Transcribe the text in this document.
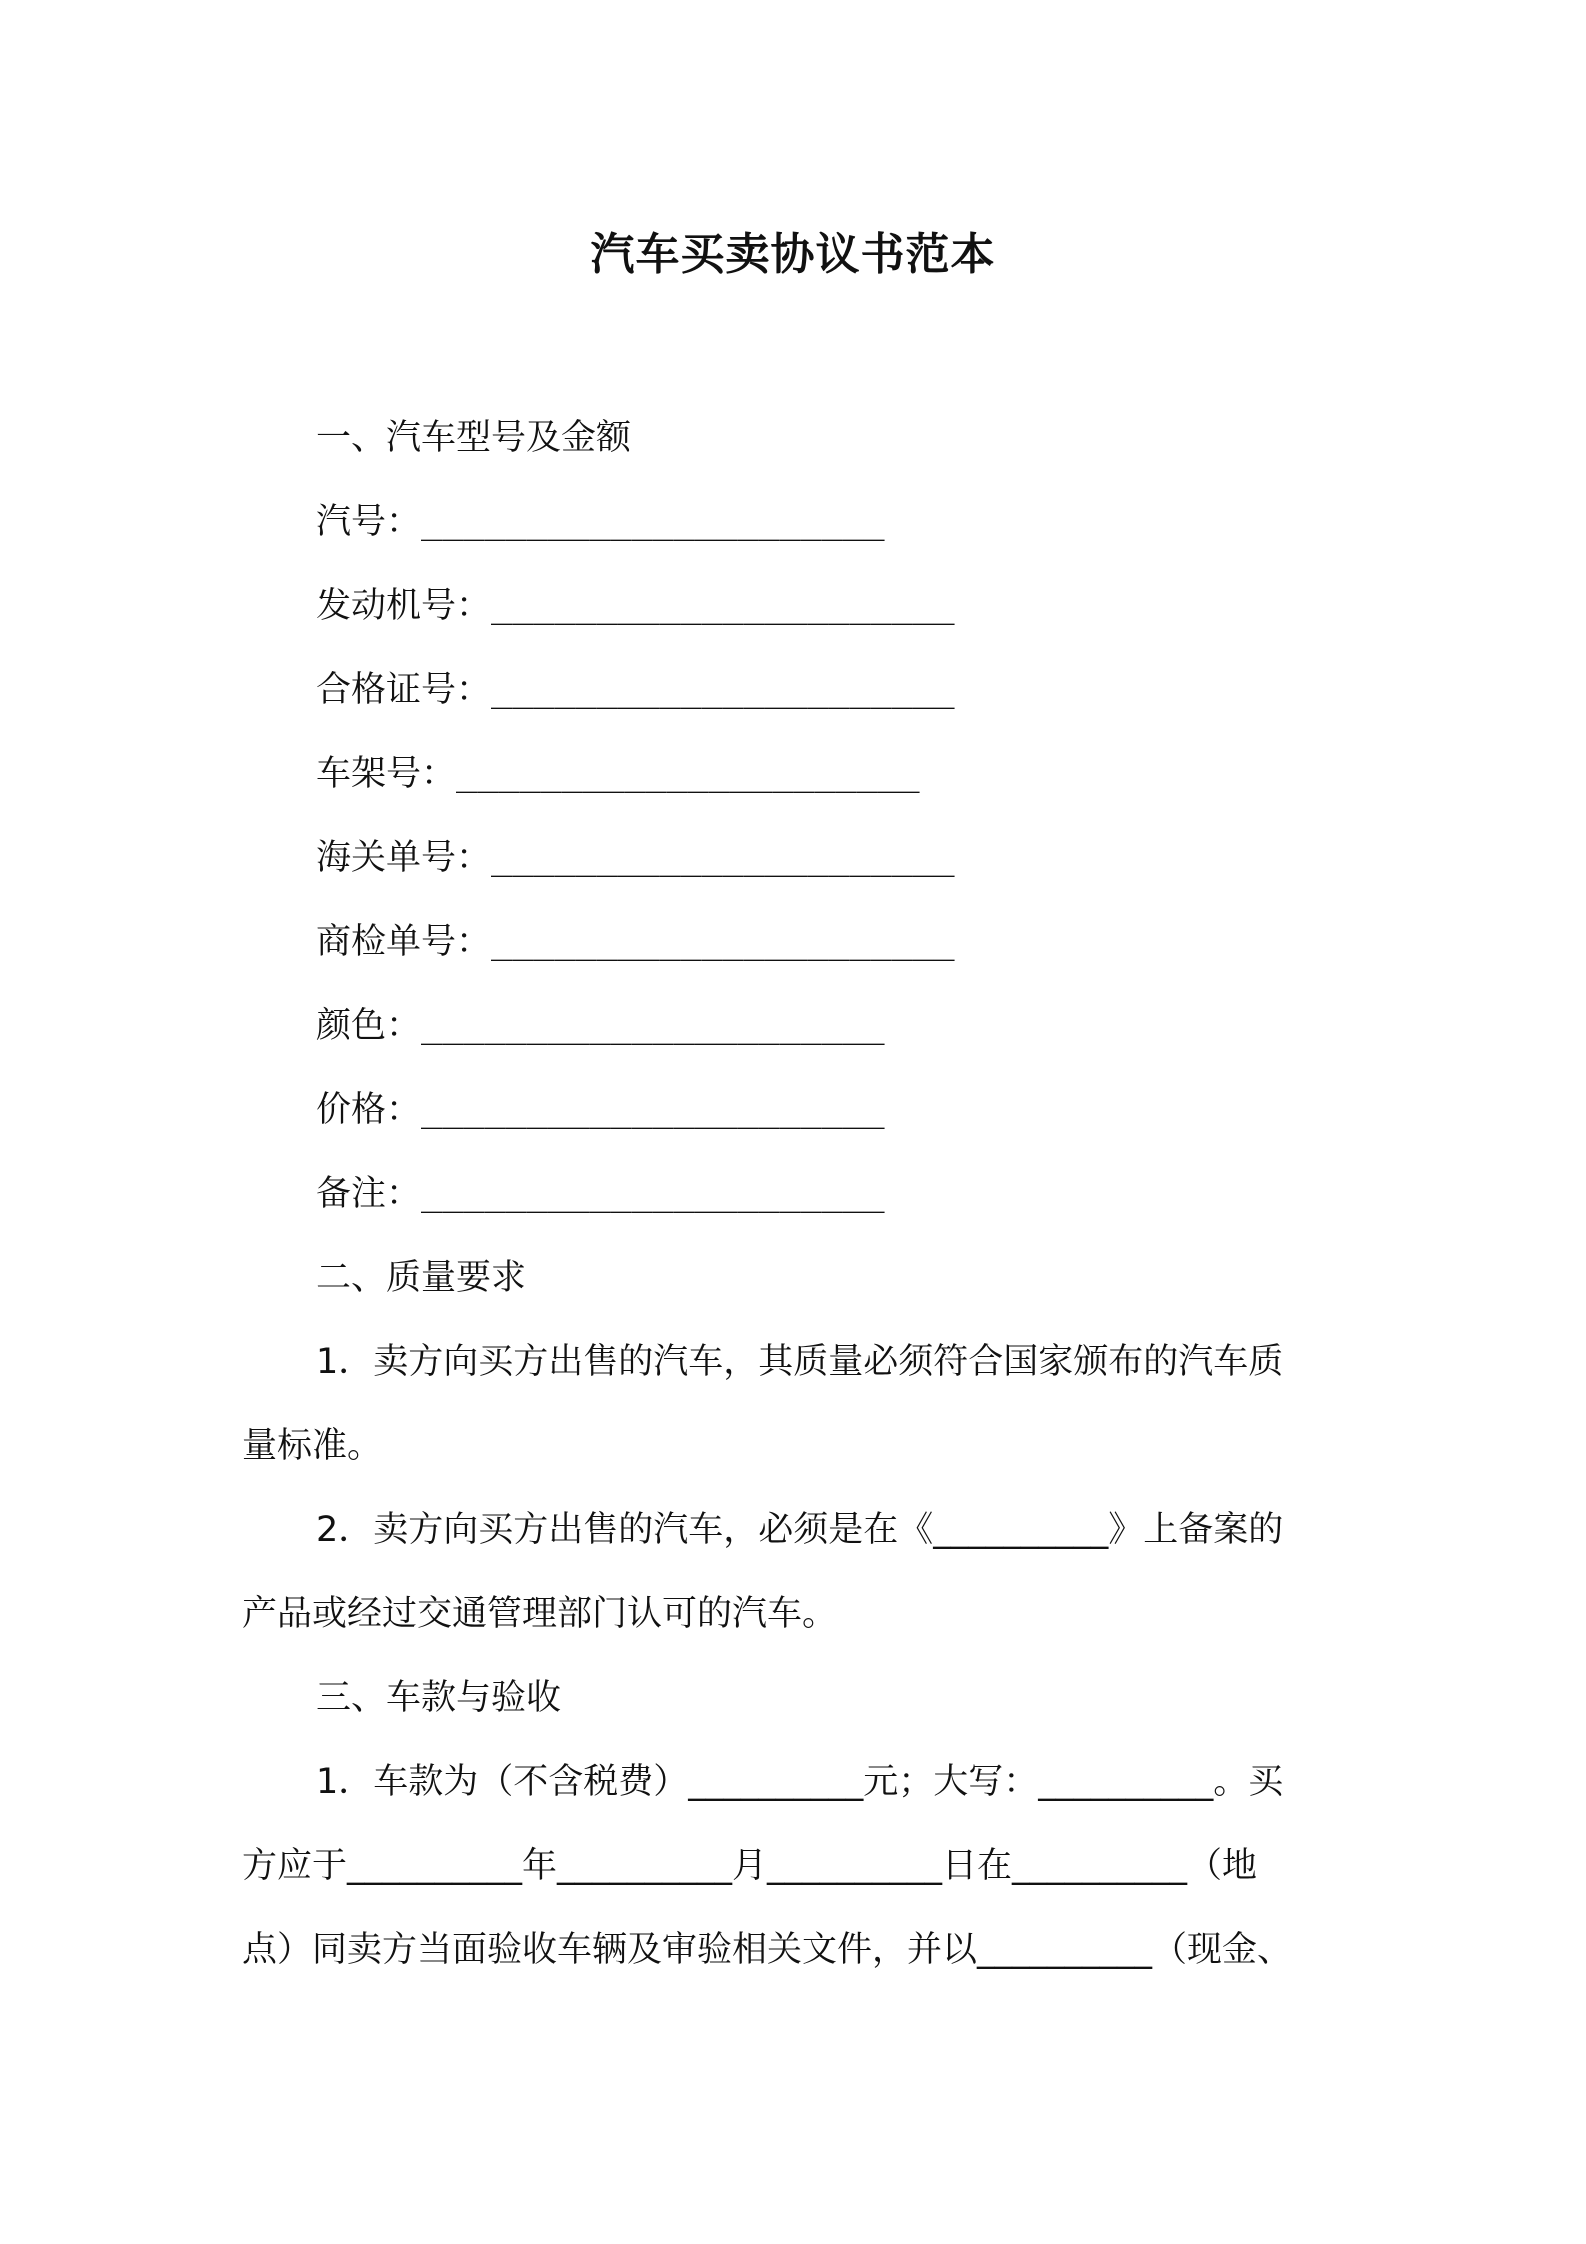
汽车买卖协议书范本
一、汽车型号及金额
汽号：______________________
发动机号：______________________
合格证号：______________________
车架号：______________________
海关单号：______________________
商检单号：______________________
颜色：______________________
价格：______________________
备注：______________________
二、质量要求
1．卖方向买方出售的汽车，其质量必须符合国家颁布的汽车质
量标准。
2．卖方向买方出售的汽车，必须是在《__________》上备案的
产品或经过交通管理部门认可的汽车。
三、车款与验收
1．车款为（不含税费）__________元；大写：__________。买
方应于__________年__________月__________日在__________（地
点）同卖方当面验收车辆及审验相关文件，并以__________（现金、
